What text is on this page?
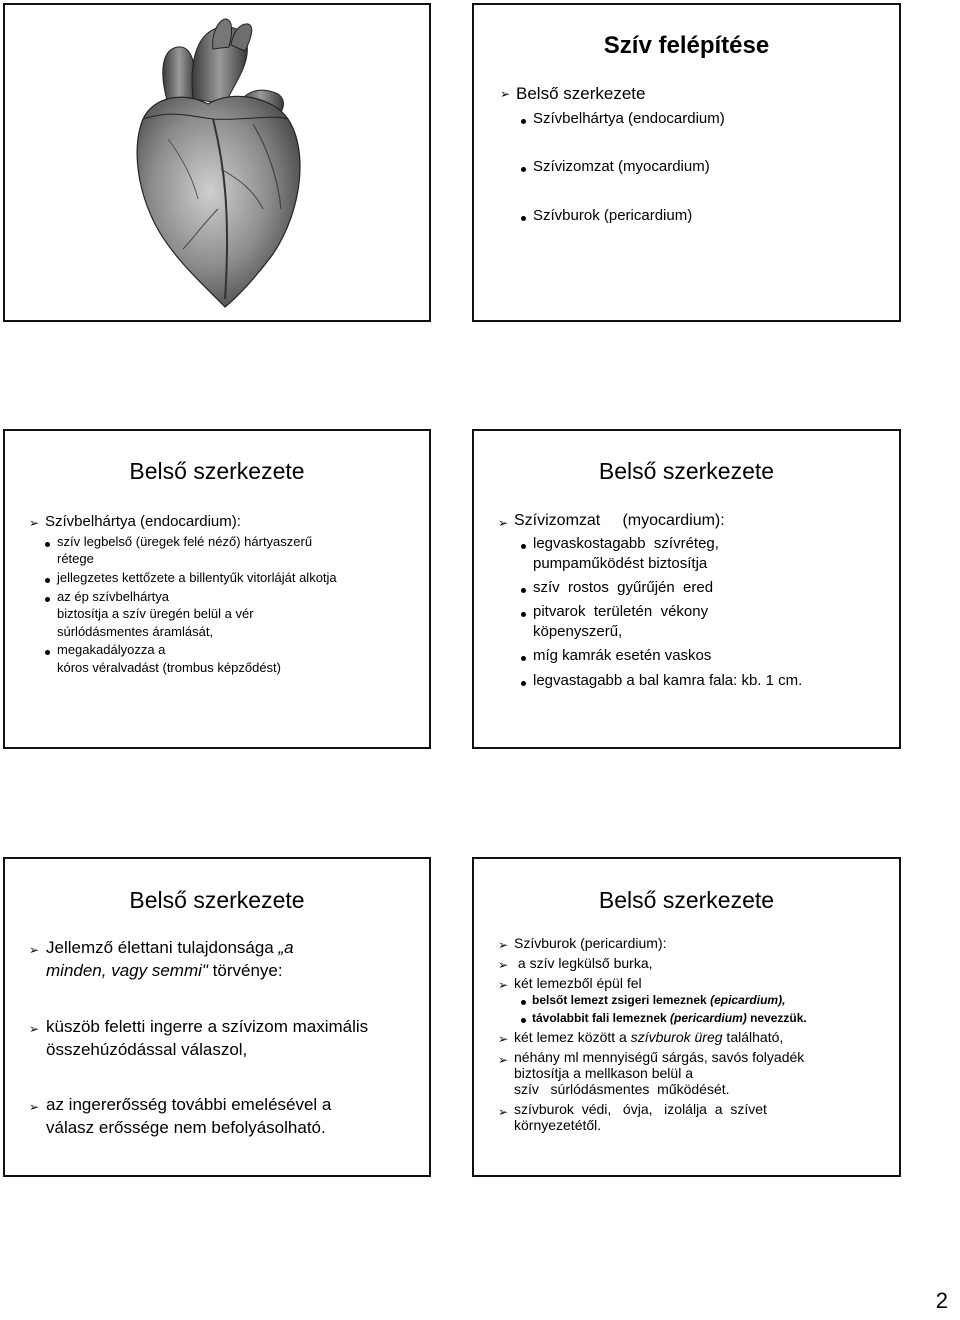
Szív felépítése
➢ Belső szerkezete
Szívbelhártya (endocardium)
Szívizomzat (myocardium)
Szívburok (pericardium)
Belső szerkezete
➢ Szívbelhártya (endocardium):
szív legbelső (üregek felé néző) hártyaszerű
rétege
jellegzetes kettőzete a billentyűk vitorláját alkotja
az ép szívbelhártya
biztosítja a szív üregén belül a vér
súrlódásmentes áramlását,
megakadályozza a
kóros véralvadást (trombus képződést)
Belső szerkezete
➢ Szívizomzat     (myocardium):
legvaskostagabb  szívréteg,
pumpaműködést biztosítja
szív  rostos  gyűrűjén  ered
pitvarok  területén  vékony
köpenyszerű,
míg kamrák esetén vaskos
legvastagabb a bal kamra fala: kb. 1 cm.
Belső szerkezete
➢ Jellemző élettani tulajdonsága „a
minden, vagy semmi" törvénye:
➢ küszöb feletti ingerre a szívizom maximális
összehúzódással válaszol,
➢ az ingererősség további emelésével a
válasz erőssége nem befolyásolható.
Belső szerkezete
➢ Szívburok (pericardium):
➢ a szív legkülső burka,
➢ két lemezből épül fel
belsőt lemezt zsigeri lemeznek (epicardium),
távolabbit fali lemeznek (pericardium) nevezzük.
➢ két lemez között a szívburok üreg található,
➢ néhány ml mennyiségű sárgás, savós folyadék
biztosítja a mellkason belül a
szív   súrlódásmentes  működését.
➢ szívburok  védi,   óvja,   izolálja  a  szívet
környezetétől.
2
